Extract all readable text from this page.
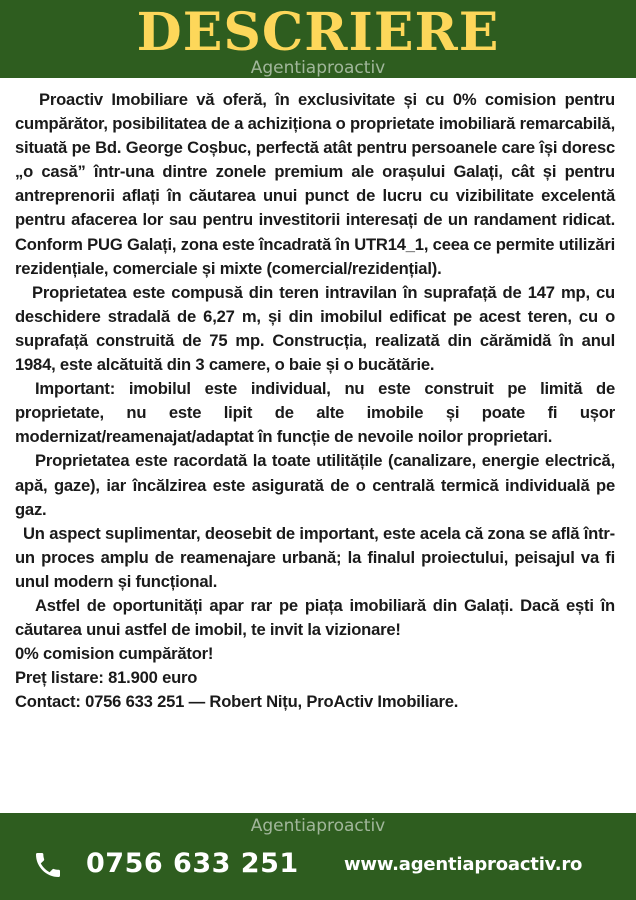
DESCRIERE
Agentiaproactiv

Proactiv Imobiliare vă oferă, în exclusivitate și cu 0% comision pentru cumpărător, posibilitatea de a achiziționa o proprietate imobiliară remarcabilă, situată pe Bd. George Coșbuc, perfectă atât pentru persoanele care își doresc „o casă” într-una dintre zonele premium ale orașului Galați, cât și pentru antreprenorii aflați în căutarea unui punct de lucru cu vizibilitate excelentă pentru afacerea lor sau pentru investitorii interesați de un randament ridicat. Conform PUG Galați, zona este încadrată în UTR14_1, ceea ce permite utilizări rezidențiale, comerciale și mixte (comercial/rezidențial).

Proprietatea este compusă din teren intravilan în suprafață de 147 mp, cu deschidere stradală de 6,27 m, și din imobilul edificat pe acest teren, cu o suprafață construită de 75 mp. Construcția, realizată din cărămidă în anul 1984, este alcătuită din 3 camere, o baie și o bucătărie.

Important: imobilul este individual, nu este construit pe limită de proprietate, nu este lipit de alte imobile și poate fi ușor modernizat/reamenajat/adaptat în funcție de nevoile noilor proprietari.

Proprietatea este racordată la toate utilitățile (canalizare, energie electrică, apă, gaze), iar încălzirea este asigurată de o centrală termică individuală pe gaz.

Un aspect suplimentar, deosebit de important, este acela că zona se află într-un proces amplu de reamenajare urbană; la finalul proiectului, peisajul va fi unul modern și funcțional.

Astfel de oportunități apar rar pe piața imobiliară din Galați. Dacă ești în căutarea unui astfel de imobil, te invit la vizionare!

0% comision cumpărător!

Preț listare: 81.900 euro

Contact: 0756 633 251 — Robert Nițu, ProActiv Imobiliare.

Agentiaproactiv
0756 633 251	www.agentiaproactiv.ro
